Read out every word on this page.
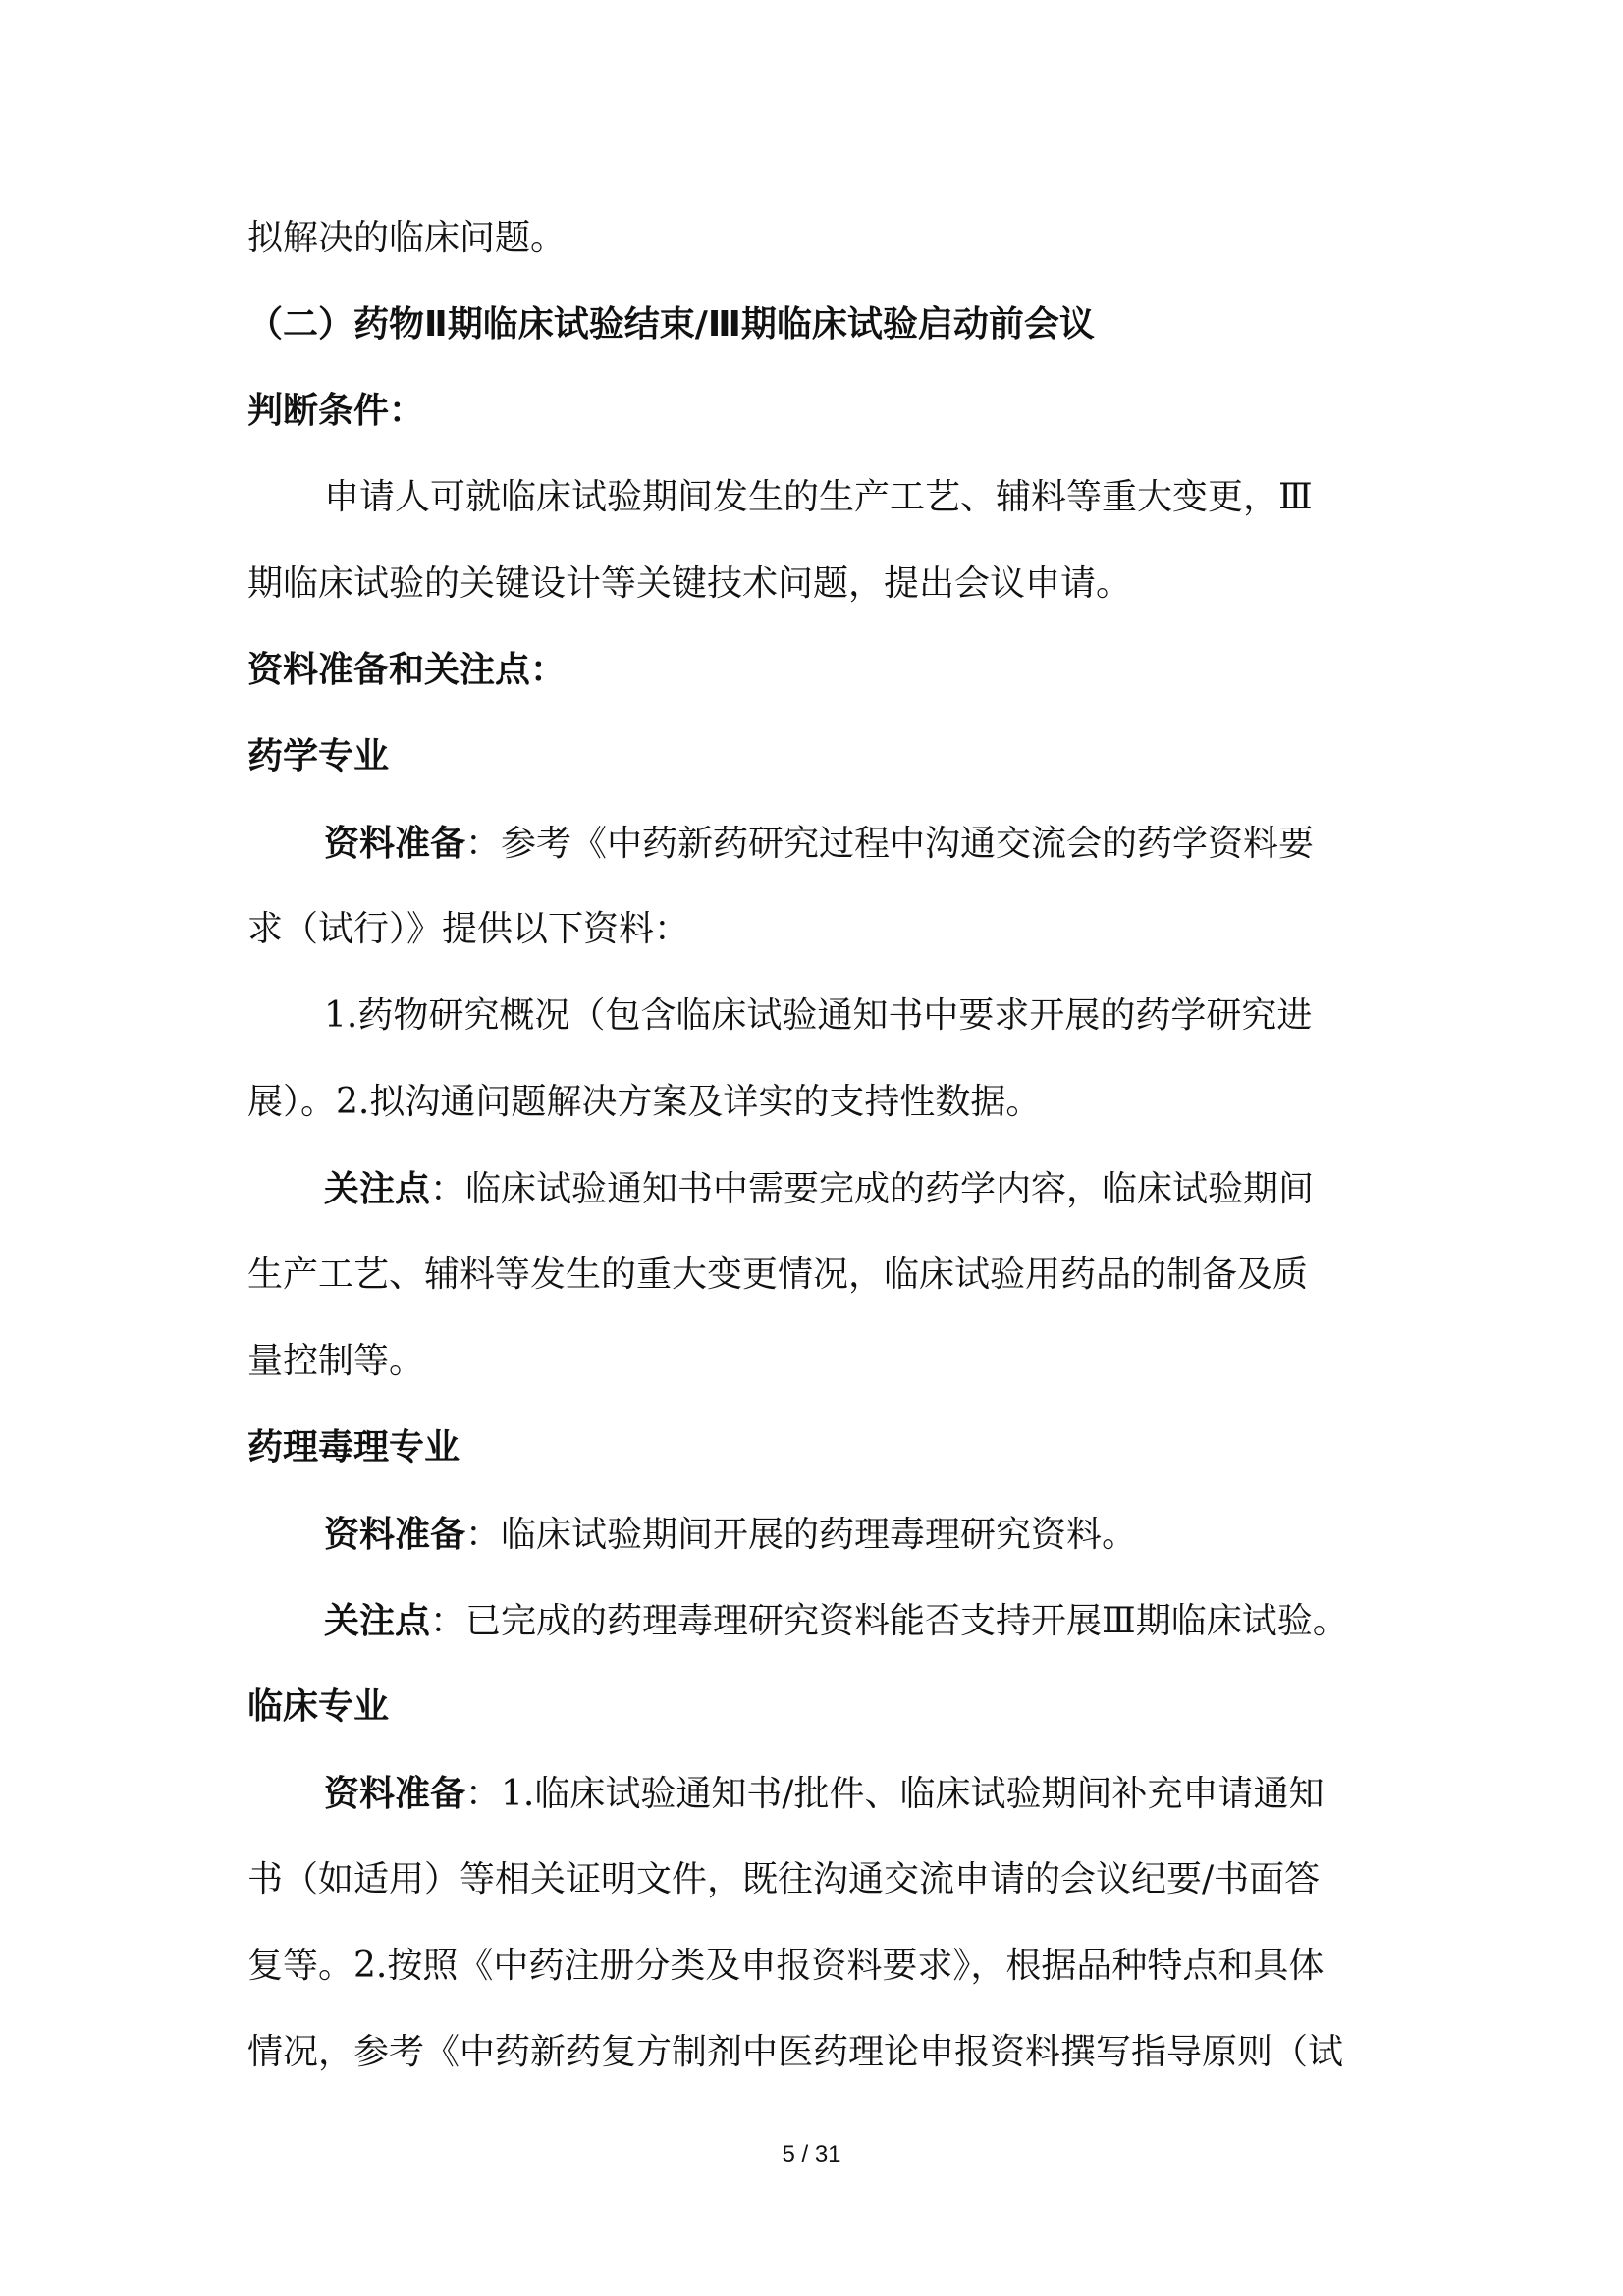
拟解决的临床问题。

（二）药物Ⅱ期临床试验结束/Ⅲ期临床试验启动前会议

判断条件：

申请人可就临床试验期间发生的生产工艺、辅料等重大变更，Ⅲ

期临床试验的关键设计等关键技术问题，提出会议申请。

资料准备和关注点：

药学专业

资料准备：参考《中药新药研究过程中沟通交流会的药学资料要

求（试行）》提供以下资料：

1.药物研究概况（包含临床试验通知书中要求开展的药学研究进

展）。2.拟沟通问题解决方案及详实的支持性数据。

关注点：临床试验通知书中需要完成的药学内容，临床试验期间

生产工艺、辅料等发生的重大变更情况，临床试验用药品的制备及质

量控制等。

药理毒理专业

资料准备：临床试验期间开展的药理毒理研究资料。

关注点：已完成的药理毒理研究资料能否支持开展Ⅲ期临床试验。

临床专业

资料准备：1.临床试验通知书/批件、临床试验期间补充申请通知

书（如适用）等相关证明文件，既往沟通交流申请的会议纪要/书面答

复等。2.按照《中药注册分类及申报资料要求》，根据品种特点和具体

情况，参考《中药新药复方制剂中医药理论申报资料撰写指导原则（试

5 / 31
